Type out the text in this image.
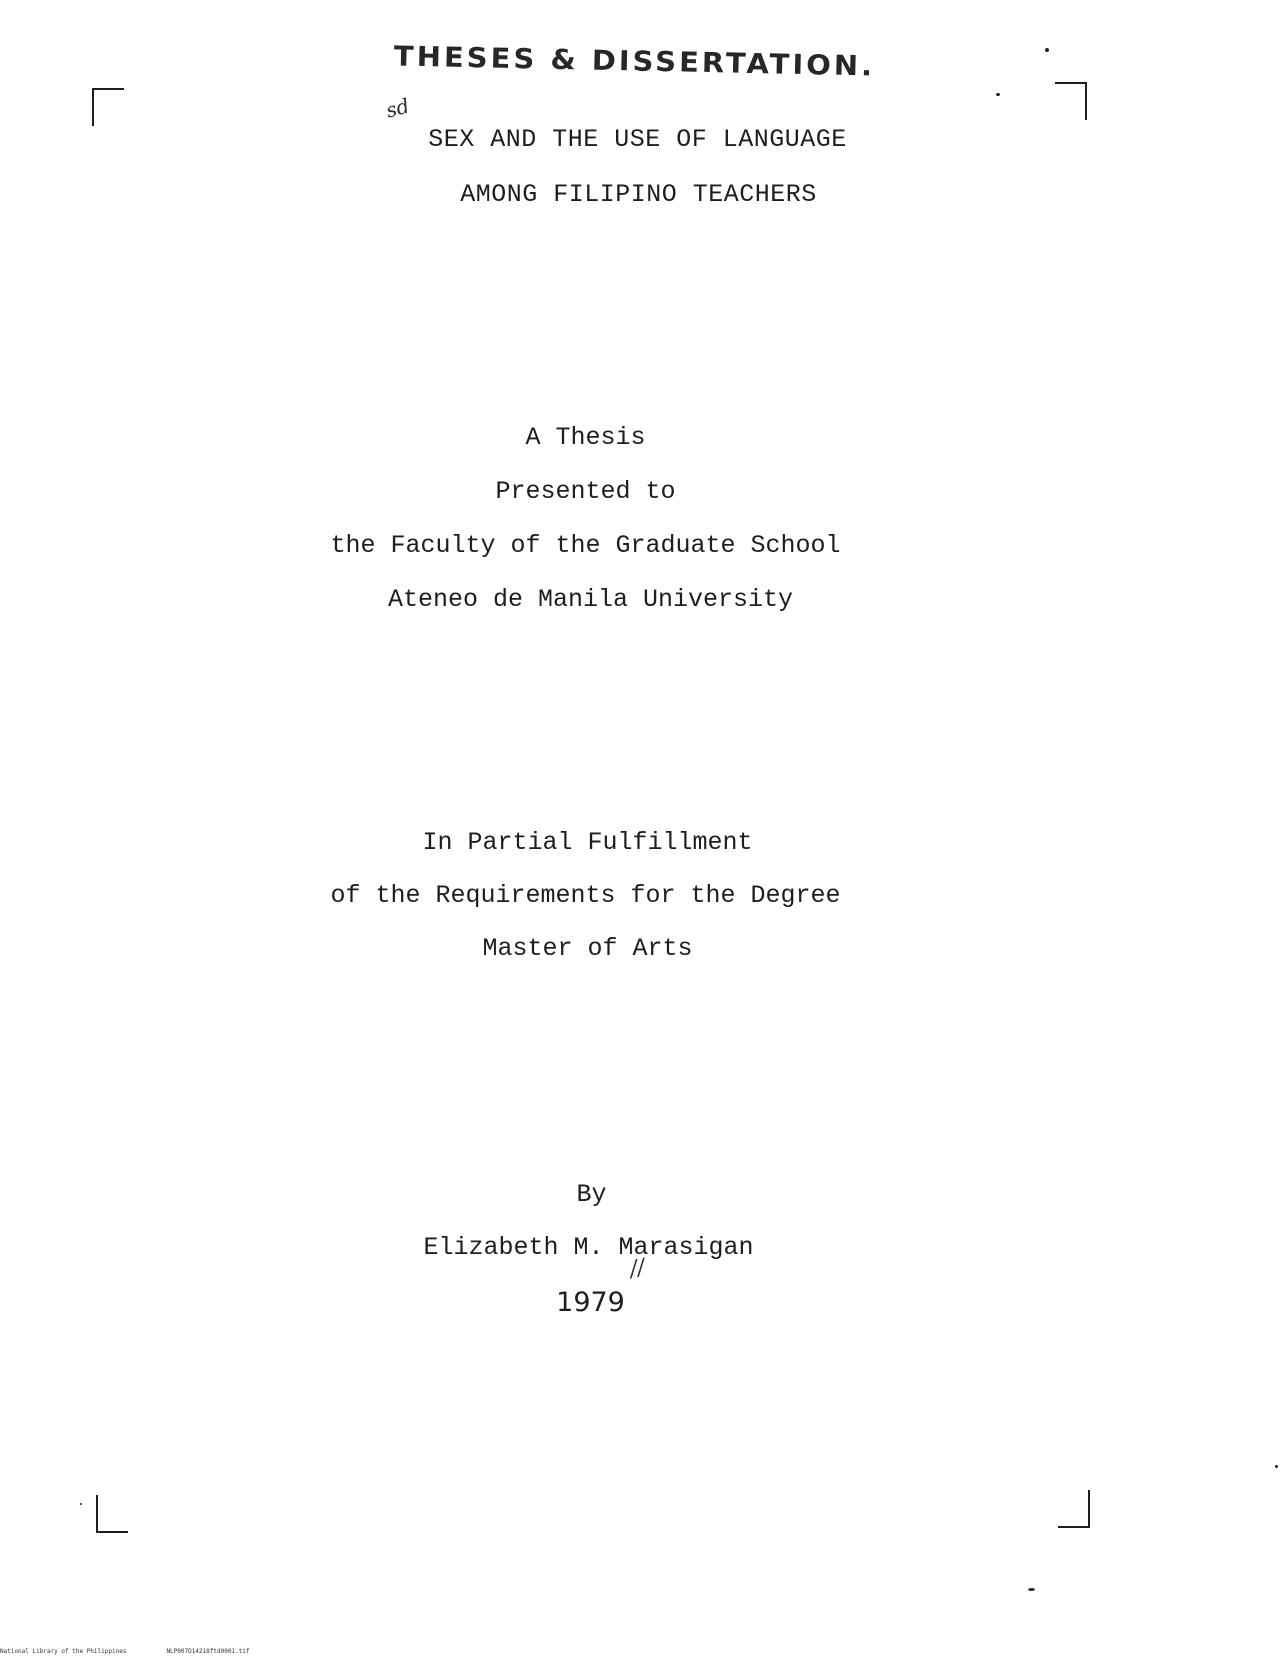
THESES & DISSERTATION.
sd
SEX AND THE USE OF LANGUAGE
AMONG FILIPINO TEACHERS
A Thesis
Presented to
the Faculty of the Graduate School
Ateneo de Manila University
In Partial Fulfillment
of the Requirements for the Degree
Master of Arts
By
Elizabeth M. Marasigan
//
1979
National Library of the Philippines	NLP007D14218ftd0001.tif
